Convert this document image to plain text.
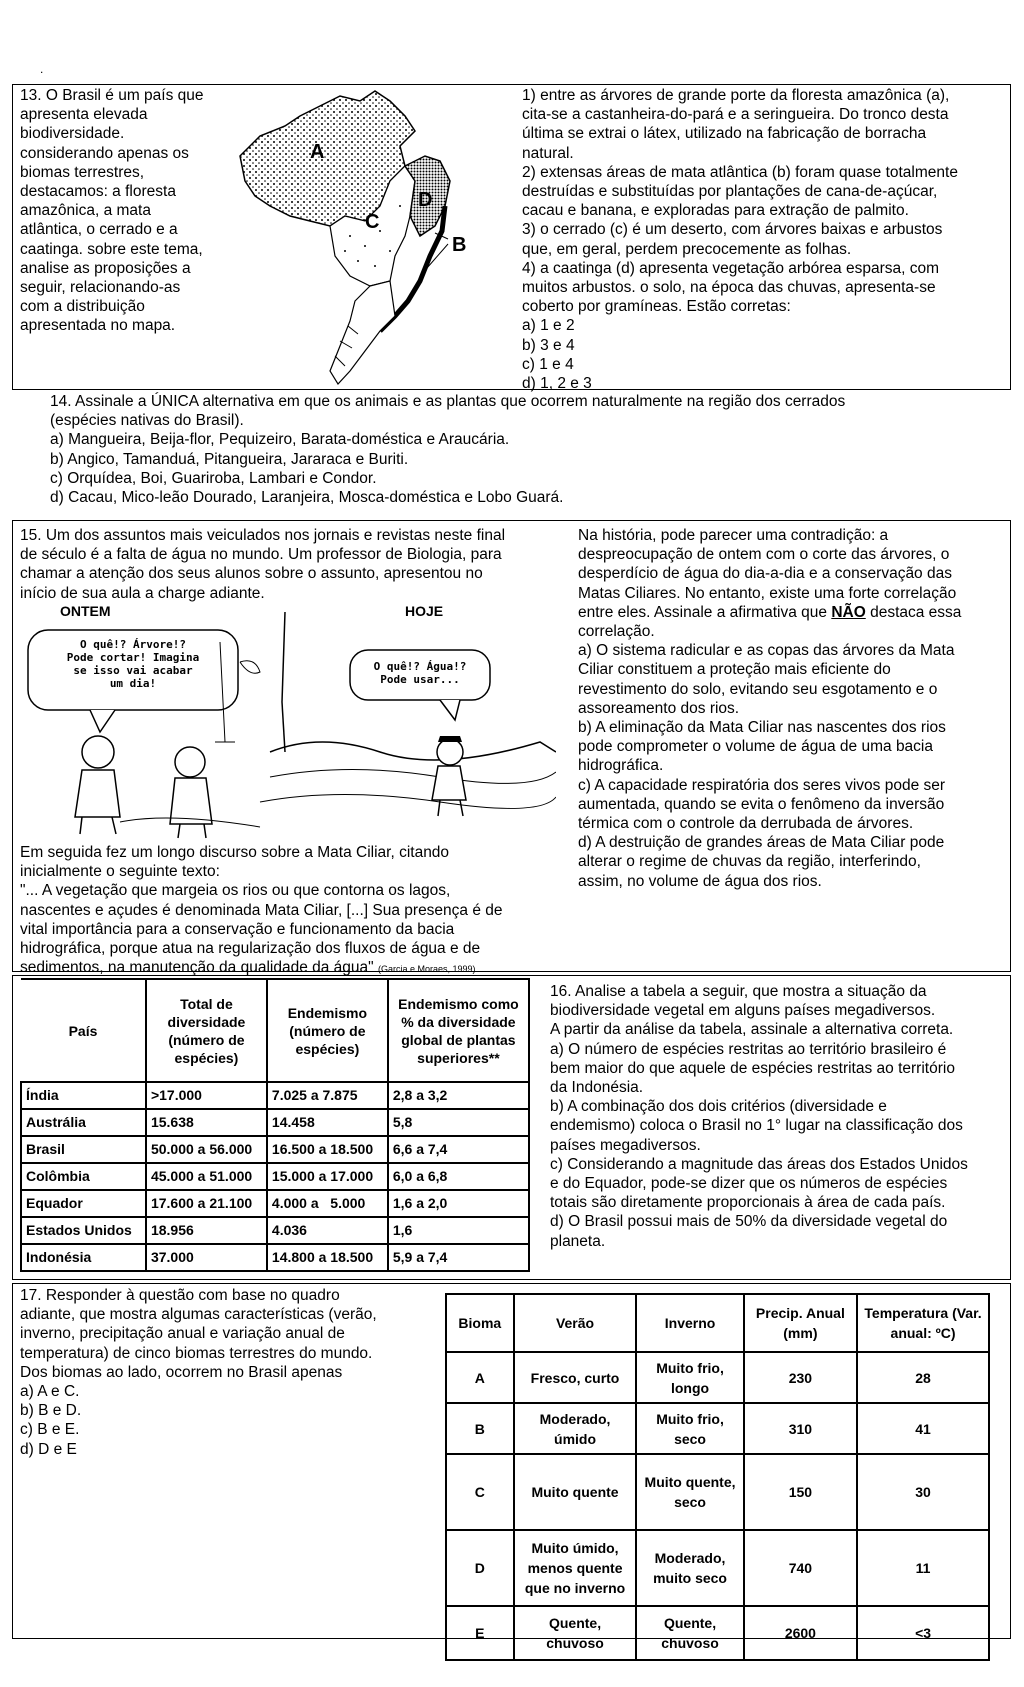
.
13. O Brasil é um país que
apresenta elevada
biodiversidade.
considerando apenas os
biomas terrestres,
destacamos: a floresta
amazônica, a mata
atlântica, o cerrado e a
caatinga. sobre este tema,
analise as proposições a
seguir, relacionando-as
com a distribuição
apresentada no mapa.
A
B
C
D
1) entre as árvores de grande porte da floresta amazônica (a),
cita-se a castanheira-do-pará e a seringueira. Do tronco desta
última se extrai o látex, utilizado na fabricação de borracha
natural.
2) extensas áreas de mata atlântica (b) foram quase totalmente
destruídas e substituídas por plantações de cana-de-açúcar,
cacau e banana, e exploradas para extração de palmito.
3) o cerrado (c) é um deserto, com árvores baixas e arbustos
que, em geral, perdem precocemente as folhas.
4) a caatinga (d) apresenta vegetação arbórea esparsa, com
muitos arbustos. o solo, na época das chuvas, apresenta-se
coberto por gramíneas. Estão corretas:
a) 1 e 2
b) 3 e 4
c) 1 e 4
d) 1, 2 e 3
14. Assinale a ÚNICA alternativa em que os animais e as plantas que ocorrem naturalmente na região dos cerrados
(espécies nativas do Brasil).
a) Mangueira, Beija-flor, Pequizeiro, Barata-doméstica e Araucária.
b) Angico, Tamanduá, Pitangueira, Jararaca e Buriti.
c) Orquídea, Boi, Guariroba, Lambari e Condor.
d) Cacau, Mico-leão Dourado, Laranjeira, Mosca-doméstica e Lobo Guará.
15. Um dos assuntos mais veiculados nos jornais e revistas neste final
de século é a falta de água no mundo. Um professor de Biologia, para
chamar a atenção dos seus alunos sobre o assunto, apresentou no
início de sua aula a charge adiante.
ONTEM	HOJE
O quê!? Árvore!?
Pode cortar! Imagina
se isso vai acabar
um dia!
O quê!? Água!?
Pode usar...
Em seguida fez um longo discurso sobre a Mata Ciliar, citando
inicialmente o seguinte texto:
"... A vegetação que margeia os rios ou que contorna os lagos,
nascentes e açudes é denominada Mata Ciliar, [...] Sua presença é de
vital importância para a conservação e funcionamento da bacia
hidrográfica, porque atua na regularização dos fluxos de água e de
sedimentos, na manutenção da qualidade da água" (Garcia e Moraes, 1999)
Na história, pode parecer uma contradição: a
despreocupação de ontem com o corte das árvores, o
desperdício de água do dia-a-dia e a conservação das
Matas Ciliares. No entanto, existe uma forte correlação
entre eles. Assinale a afirmativa que NÃO destaca essa
correlação.
a) O sistema radicular e as copas das árvores da Mata
Ciliar constituem a proteção mais eficiente do
revestimento do solo, evitando seu esgotamento e o
assoreamento dos rios.
b) A eliminação da Mata Ciliar nas nascentes dos rios
pode comprometer o volume de água de uma bacia
hidrográfica.
c) A capacidade respiratória dos seres vivos pode ser
aumentada, quando se evita o fenômeno da inversão
térmica com o controle da derrubada de árvores.
d) A destruição de grandes áreas de Mata Ciliar pode
alterar o regime de chuvas da região, interferindo,
assim, no volume de água dos rios.
País	Total de diversidade (número de espécies)	Endemismo (número de espécies)	Endemismo como % da diversidade global de plantas superiores**
Índia	>17.000	7.025 a 7.875	2,8 a 3,2
Austrália	15.638	14.458	5,8
Brasil	50.000 a 56.000	16.500 a 18.500	6,6 a 7,4
Colômbia	45.000 a 51.000	15.000 a 17.000	6,0 a 6,8
Equador	17.600 a 21.100	4.000 a   5.000	1,6 a 2,0
Estados Unidos	18.956	4.036	1,6
Indonésia	37.000	14.800 a 18.500	5,9 a 7,4
16. Analise a tabela a seguir, que mostra a situação da
biodiversidade vegetal em alguns países megadiversos.
A partir da análise da tabela, assinale a alternativa correta.
a) O número de espécies restritas ao território brasileiro é
bem maior do que aquele de espécies restritas ao território
da Indonésia.
b) A combinação dos dois critérios (diversidade e
endemismo) coloca o Brasil no 1° lugar na classificação dos
países megadiversos.
c) Considerando a magnitude das áreas dos Estados Unidos
e do Equador, pode-se dizer que os números de espécies
totais são diretamente proporcionais à área de cada país.
d) O Brasil possui mais de 50% da diversidade vegetal do
planeta.
17. Responder à questão com base no quadro
adiante, que mostra algumas características (verão,
inverno, precipitação anual e variação anual de
temperatura) de cinco biomas terrestres do mundo.
Dos biomas ao lado, ocorrem no Brasil apenas
a) A e C.
b) B e D.
c) B e E.
d) D e E
Bioma	Verão	Inverno	Precip. Anual (mm)	Temperatura (Var. anual: ºC)
A	Fresco, curto	Muito frio, longo	230	28
B	Moderado, úmido	Muito frio, seco	310	41
C	Muito quente	Muito quente, seco	150	30
D	Muito úmido, menos quente que no inverno	Moderado, muito seco	740	11
E	Quente, chuvoso	Quente, chuvoso	2600	<3
